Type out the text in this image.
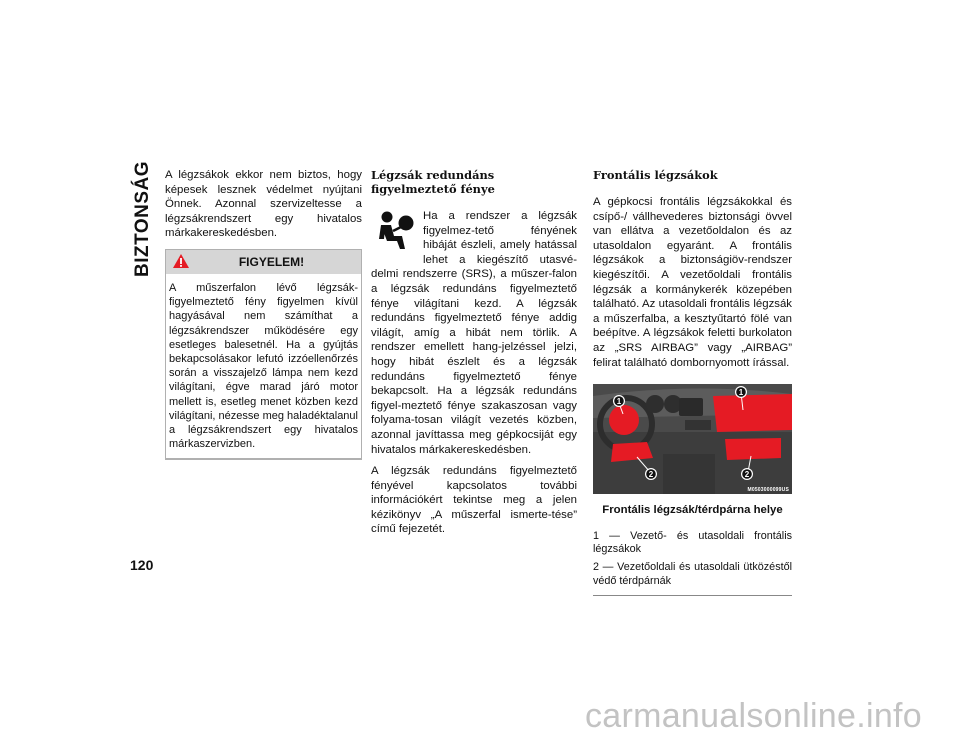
BIZTONSÁG A légzsákok ekkor nem biztos, hogy képesek lesznek védelmet nyújtani Önnek. Azonnal szervizeltesse a légzsákrendszert egy hivatalos márkakereskedésben.

FIGYELEM!
A műszerfalon lévő légzsák-figyelmeztető fény figyelmen kívül hagyásával nem számíthat a légzsákrendszer működésére egy esetleges balesetnél. Ha a gyújtás bekapcsolásakor lefutó izzóellenőrzés során a visszajelző lámpa nem kezd világítani, égve marad járó motor mellett is, esetleg menet közben kezd világítani, nézesse meg haladéktalanul a légzsákrendszert egy hivatalos márkaszervizben.
Légzsák redundáns figyelmeztető fénye

Ha a rendszer a légzsák figyelmez-tető fényének hibáját észleli, amely hatással lehet a kiegészítő utasvé-delmi rendszerre (SRS), a műszer-falon a légzsák redundáns figyelmeztető fénye világítani kezd. A légzsák redundáns figyelmeztető fénye addig világít, amíg a hibát nem törlik. A rendszer emellett hang-jelzéssel jelzi, hogy hibát észlelt és a légzsák redundáns figyelmeztető fénye bekapcsolt. Ha a légzsák redundáns figyel-meztető fénye szakaszosan vagy folyama-tosan világít vezetés közben, azonnal javíttassa meg gépkocsiját egy hivatalos márkakereskedésben.

A légzsák redundáns figyelmeztető fényével kapcsolatos további információkért tekintse meg a jelen kézikönyv „A műszerfal ismerte-tése” című fejezetét.

Frontális légzsákok

A gépkocsi frontális légzsákokkal és csípő-/ vállhevederes biztonsági övvel van ellátva a vezetőoldalon és az utasoldalon egyaránt. A frontális légzsákok a biztonságiöv-rendszer kiegészítői. A vezetőoldali frontális légzsák a kormánykerék közepében található. Az utasoldali frontális légzsák a műszerfalba, a kesztyűtartó fölé van beépítve. A légzsákok feletti burkolaton az „SRS AIRBAG” vagy „AIRBAG” felirat található dombornyomott írással.

1
1
2	2
M0503000099US
Frontális légzsák/térdpárna helye
1 — Vezető- és utasoldali frontális légzsákok
2 — Vezetőoldali és utasoldali ütközéstől védő térdpárnák
120
carmanualsonline.info
